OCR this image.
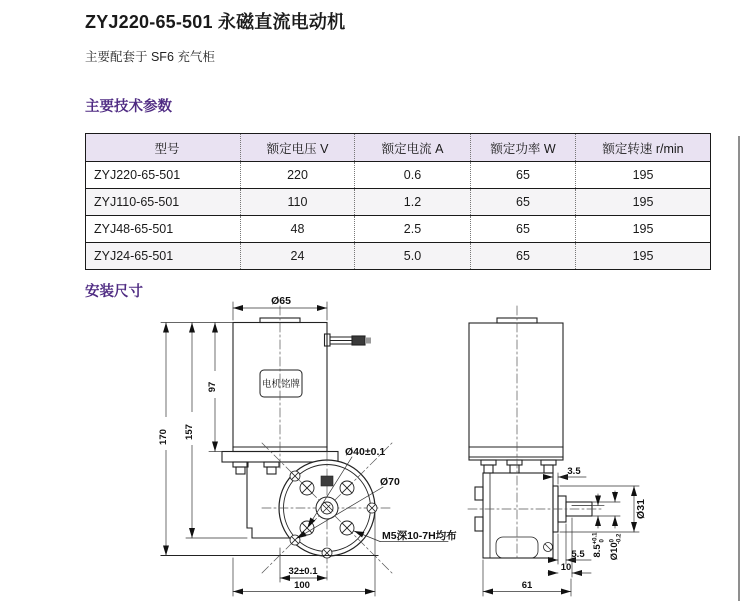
ZYJ220-65-501 永磁直流电动机
主要配套于 SF6 充气柜
主要技术参数
型号	额定电压 V	额定电流 A	额定功率 W	额定转速 r/min
ZYJ220-65-501	220	0.6	65	195
ZYJ110-65-501	110	1.2	65	195
ZYJ48-65-501	48	2.5	65	195
ZYJ24-65-501	24	5.0	65	195
安装尺寸
电机铭牌
Ø65
170 157
97
Ø40±0.1
Ø70
M5深10-7H均布
32±0.1
100
3.5
Ø31
$8.5^{+0.1}0$
$Ø10^0-0.2$
5.5
10
61
